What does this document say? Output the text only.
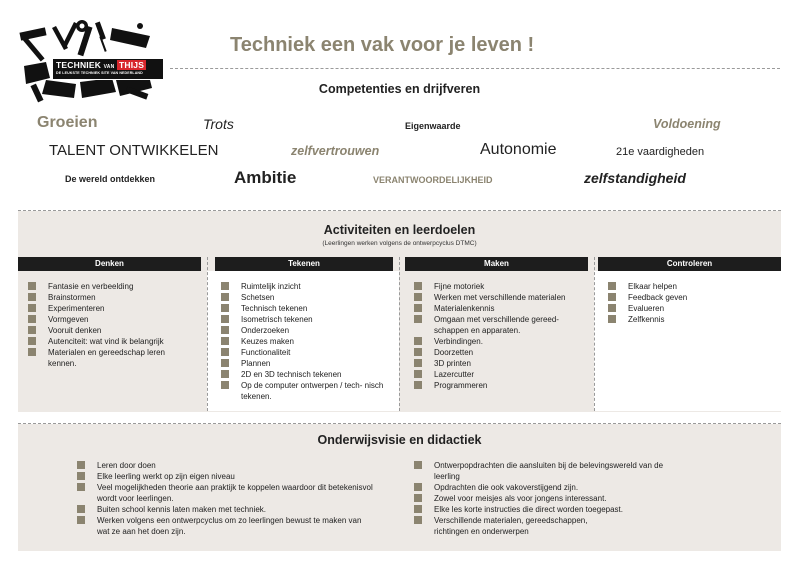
TECHNIEK VAN THIJS
DE LEUKSTE TECHNIEK SITE VAN NEDERLAND
Techniek een vak voor je leven !
Competenties en drijfveren
Groeien	Trots	Eigenwaarde	Voldoening
TALENT ONTWIKKELEN	zelfvertrouwen	Autonomie	21e vaardigheden
De wereld ontdekken	Ambitie	VERANTWOORDELIJKHEID	zelfstandigheid
Activiteiten en leerdoelen
(Leerlingen werken volgens de ontwerpcyclus DTMC)
Denken	Tekenen	Maken	Controleren
Fantasie en verbeelding
Brainstormen
Experimenteren
Vormgeven
Vooruit denken
Autenciteit: wat vind ik belangrijk
Materialen en gereedschap leren kennen.
Ruimtelijk inzicht
Schetsen
Technisch tekenen
Isometrisch tekenen
Onderzoeken
Keuzes maken
Functionaliteit
Plannen
2D en 3D technisch tekenen
Op de computer ontwerpen / tech- nisch tekenen.
Fijne motoriek
Werken met verschillende materialen
Materialenkennis
Omgaan met verschillende gereed- schappen en apparaten.
Verbindingen.
Doorzetten
3D printen
Lazercutter
Programmeren
Elkaar helpen
Feedback geven
Evalueren
Zelfkennis
Onderwijsvisie en didactiek
Leren door doen
Elke leerling werkt op zijn eigen niveau
Veel mogelijkheden theorie aan praktijk te koppelen waardoor dit betekenisvol wordt voor leerlingen.
Buiten school kennis laten maken met techniek.
Werken volgens een ontwerpcyclus om zo leerlingen bewust te maken van wat ze aan het doen zijn.
Ontwerpopdrachten die aansluiten bij de belevingswereld van de leerling
Opdrachten die ook vakoverstijgend zijn.
Zowel voor meisjes als voor jongens interessant.
Elke les korte instructies die direct worden toegepast.
Verschillende materialen, gereedschappen, richtingen en onderwerpen
